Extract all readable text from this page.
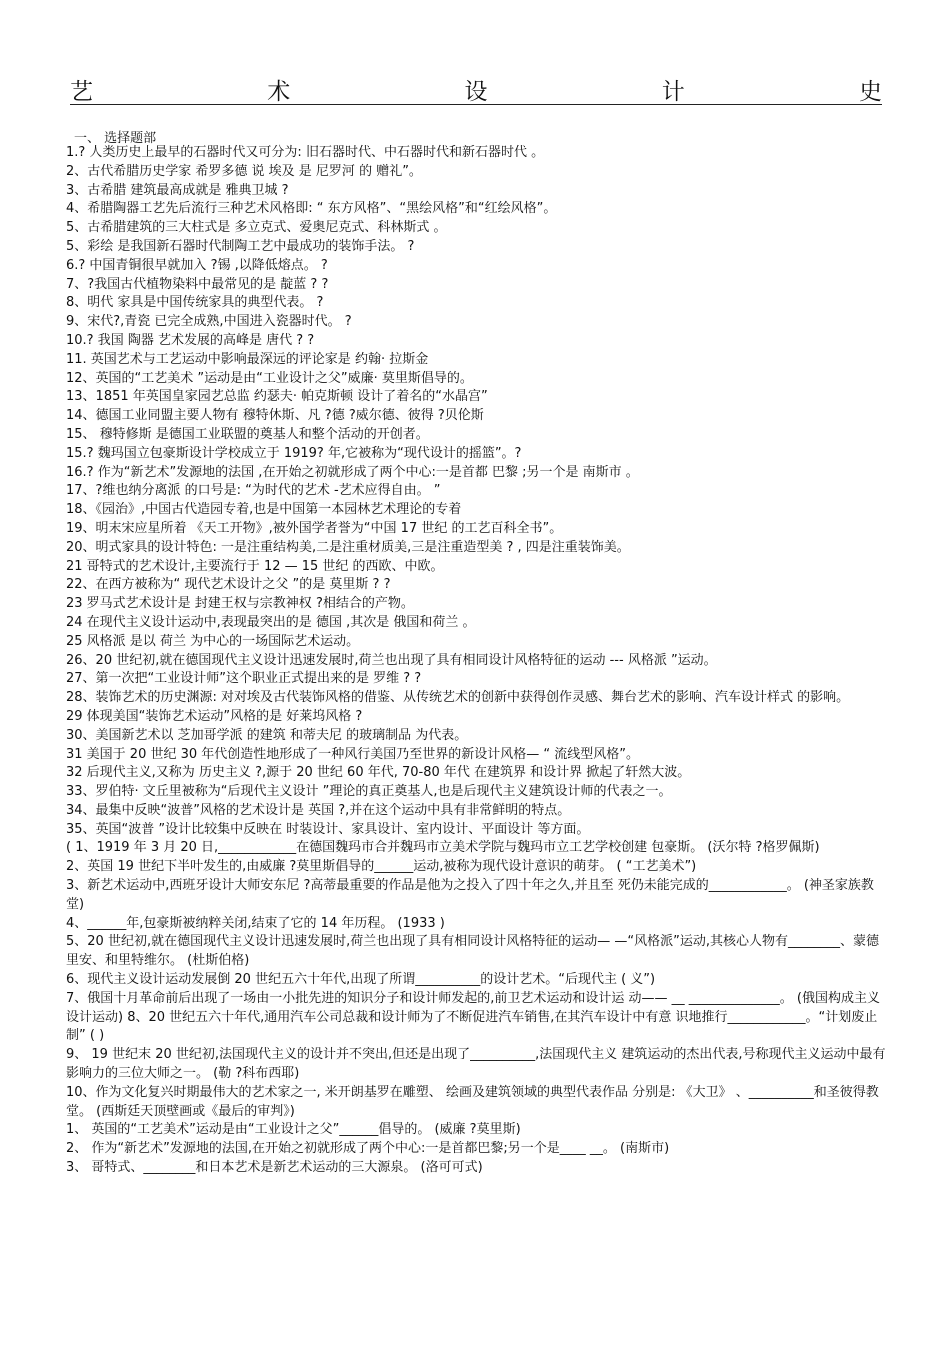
艺	术	设	计	史
一、 选择题部
1.? 人类历史上最早的石器时代又可分为: 旧石器时代、中石器时代和新石器时代 。
2、古代希腊历史学家 希罗多德 说 埃及 是 尼罗河 的 赠礼”。
3、古希腊 建筑最高成就是 雅典卫城 ?
4、希腊陶器工艺先后流行三种艺术风格即: “ 东方风格”、“黑绘风格”和“红绘风格”。
5、古希腊建筑的三大柱式是 多立克式、爱奥尼克式、科林斯式 。
5、彩绘 是我国新石器时代制陶工艺中最成功的装饰手法。 ?
6.? 中国青铜很早就加入 ?锡 ,以降低熔点。 ?
7、?我国古代植物染料中最常见的是 靛蓝 ? ?
8、明代 家具是中国传统家具的典型代表。 ?
9、宋代?,青瓷 已完全成熟,中国进入瓷器时代。 ?
10.? 我国 陶器 艺术发展的高峰是 唐代 ? ?
11. 英国艺术与工艺运动中影响最深远的评论家是 约翰· 拉斯金
12、英国的“工艺美术 ”运动是由“工业设计之父”威廉· 莫里斯倡导的。
13、1851 年英国皇家园艺总监 约瑟夫· 帕克斯顿 设计了着名的“水晶宫”
14、德国工业同盟主要人物有 穆特休斯、凡 ?德 ?威尔德、彼得 ?贝伦斯
15、 穆特修斯 是德国工业联盟的奠基人和整个活动的开创者。
15.? 魏玛国立包豪斯设计学校成立于 1919? 年,它被称为“现代设计的摇篮”。?
16.? 作为“新艺术”发源地的法国 ,在开始之初就形成了两个中心:一是首都 巴黎 ;另一个是 南斯市 。
17、?维也纳分离派 的口号是: “为时代的艺术 -艺术应得自由。 ”
18、《园治》,中国古代造园专着,也是中国第一本园林艺术理论的专着
19、明末宋应星所着 《天工开物》,被外国学者誉为“中国 17 世纪 的工艺百科全书”。
20、明式家具的设计特色: 一是注重结构美,二是注重材质美,三是注重造型美 ? , 四是注重装饰美。
21 哥特式的艺术设计,主要流行于 12 — 15 世纪 的西欧、中欧。
22、在西方被称为“ 现代艺术设计之父 ”的是 莫里斯 ? ?
23 罗马式艺术设计是 封建王权与宗教神权 ?相结合的产物。
24 在现代主义设计运动中,表现最突出的是 德国 ,其次是 俄国和荷兰 。
25 风格派 是以 荷兰 为中心的一场国际艺术运动。
26、20 世纪初,就在德国现代主义设计迅速发展时,荷兰也出现了具有相同设计风格特征的运动 --- 风格派 ”运动。
27、第一次把“工业设计师”这个职业正式提出来的是 罗维 ? ?
28、装饰艺术的历史渊源: 对对埃及古代装饰风格的借鉴、从传统艺术的创新中获得创作灵感、舞台艺术的影响、汽车设计样式 的影响。
29 体现美国“装饰艺术运动”风格的是 好莱坞风格 ?
30、美国新艺术以 芝加哥学派 的建筑 和蒂夫尼 的玻璃制品 为代表。
31 美国于 20 世纪 30 年代创造性地形成了一种风行美国乃至世界的新设计风格— “ 流线型风格”。
32 后现代主义,又称为 历史主义 ?,源于 20 世纪 60 年代, 70-80 年代 在建筑界 和设计界 掀起了轩然大波。
33、罗伯特· 文丘里被称为“后现代主义设计 ”理论的真正奠基人,也是后现代主义建筑设计师的代表之一。
34、最集中反映“波普”风格的艺术设计是 英国 ?,并在这个运动中具有非常鲜明的特点。
35、英国“波普 ”设计比较集中反映在 时装设计、家具设计、室内设计、平面设计 等方面。
( 1、1919 年 3 月 20 日,____________在德国魏玛市合并魏玛市立美术学院与魏玛市立工艺学校创建 包豪斯。 (沃尔特 ?格罗佩斯)
2、英国 19 世纪下半叶发生的,由威廉 ?莫里斯倡导的______运动,被称为现代设计意识的萌芽。 ( “工艺美术”)
3、新艺术运动中,西班牙设计大师安东尼 ?高蒂最重要的作品是他为之投入了四十年之久,并且至 死仍未能完成的____________。 (神圣家族教堂)
4、______年,包豪斯被纳粹关闭,结束了它的 14 年历程。 (1933 )
5、20 世纪初,就在德国现代主义设计迅速发展时,荷兰也出现了具有相同设计风格特征的运动— —“风格派”运动,其核心人物有________、蒙德里安、和里特维尔。 (杜斯伯格)
6、现代主义设计运动发展倒 20 世纪五六十年代,出现了所谓__________的设计艺术。“后现代主 ( 义”)
7、俄国十月革命前后出现了一场由一小批先进的知识分子和设计师发起的,前卫艺术运动和设计运 动—— __ ______________。 (俄国构成主义设计运动) 8、20 世纪五六十年代,通用汽车公司总裁和设计师为了不断促进汽车销售,在其汽车设计中有意 识地推行____________。“计划废止制” ( )
9、 19 世纪末 20 世纪初,法国现代主义的设计并不突出,但还是出现了__________,法国现代主义 建筑运动的杰出代表,号称现代主义运动中最有影响力的三位大师之一。 (勒 ?科布西耶)
10、作为文化复兴时期最伟大的艺术家之一, 米开朗基罗在雕塑、 绘画及建筑领域的典型代表作品 分别是: 《大卫》 、__________和圣彼得教堂。 (西斯廷天顶壁画或《最后的审判》)
1、 英国的“工艺美术”运动是由“工业设计之父”______倡导的。 (威廉 ?莫里斯)
2、 作为“新艺术”发源地的法国,在开始之初就形成了两个中心:一是首都巴黎;另一个是____ __。 (南斯市)
3、 哥特式、________和日本艺术是新艺术运动的三大源泉。 (洛可可式)
